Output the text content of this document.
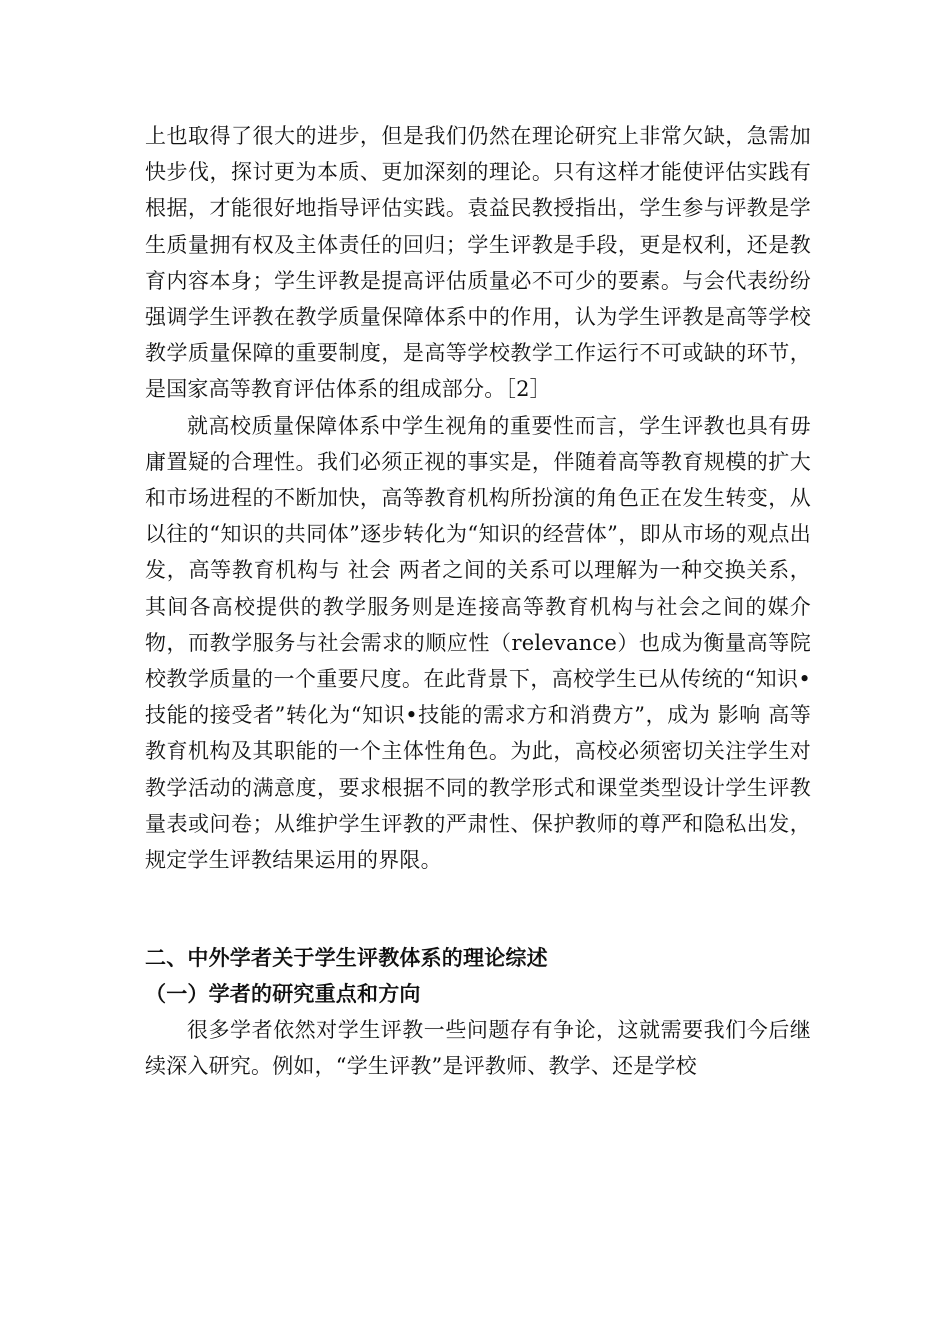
上也取得了很大的进步，但是我们仍然在理论研究上非常欠缺，急需加快步伐，探讨更为本质、更加深刻的理论。只有这样才能使评估实践有根据，才能很好地指导评估实践。袁益民教授指出，学生参与评教是学生质量拥有权及主体责任的回归；学生评教是手段，更是权利，还是教育内容本身；学生评教是提高评估质量必不可少的要素。与会代表纷纷强调学生评教在教学质量保障体系中的作用，认为学生评教是高等学校教学质量保障的重要制度，是高等学校教学工作运行不可或缺的环节，是国家高等教育评估体系的组成部分。［2］

就高校质量保障体系中学生视角的重要性而言，学生评教也具有毋庸置疑的合理性。我们必须正视的事实是，伴随着高等教育规模的扩大和市场进程的不断加快，高等教育机构所扮演的角色正在发生转变，从以往的“知识的共同体”逐步转化为“知识的经营体”，即从市场的观点出发，高等教育机构与 社会 两者之间的关系可以理解为一种交换关系，其间各高校提供的教学服务则是连接高等教育机构与社会之间的媒介物，而教学服务与社会需求的顺应性（relevance）也成为衡量高等院校教学质量的一个重要尺度。在此背景下，高校学生已从传统的“知识•技能的接受者”转化为“知识•技能的需求方和消费方”，成为 影响 高等教育机构及其职能的一个主体性角色。为此，高校必须密切关注学生对教学活动的满意度，要求根据不同的教学形式和课堂类型设计学生评教量表或问卷；从维护学生评教的严肃性、保护教师的尊严和隐私出发，规定学生评教结果运用的界限。

二、中外学者关于学生评教体系的理论综述
（一）学者的研究重点和方向

很多学者依然对学生评教一些问题存有争论，这就需要我们今后继续深入研究。例如，“学生评教”是评教师、教学、还是学校
